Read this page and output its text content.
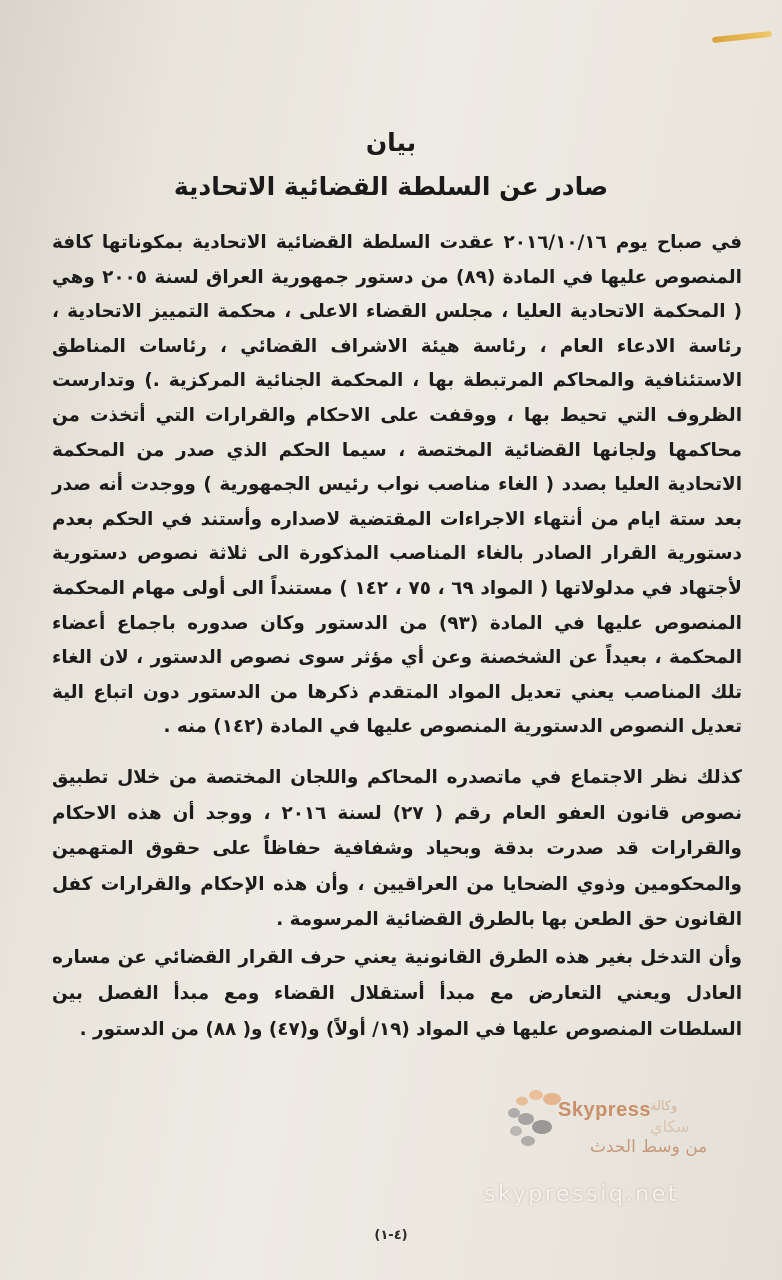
بيان
صادر عن السلطة القضائية الاتحادية

في صباح يوم ٢٠١٦/١٠/١٦ عقدت السلطة القضائية الاتحادية بمكوناتها كافة المنصوص عليها في المادة (٨٩) من دستور جمهورية العراق لسنة ٢٠٠٥ وهي ( المحكمة الاتحادية العليا ، مجلس القضاء الاعلى ، محكمة التمييز الاتحادية ، رئاسة الادعاء العام ، رئاسة هيئة الاشراف القضائي ، رئاسات المناطق الاستئنافية والمحاكم المرتبطة بها ، المحكمة الجنائية المركزية .) وتدارست الظروف التي تحيط بها ، ووقفت على الاحكام والقرارات التي أتخذت من محاكمها ولجانها القضائية المختصة ، سيما الحكم الذي صدر من المحكمة الاتحادية العليا بصدد ( الغاء مناصب نواب رئيس الجمهورية ) ووجدت أنه صدر بعد ستة ايام من أنتهاء الاجراءات المقتضية لاصداره وأستند في الحكم بعدم دستورية القرار الصادر بالغاء المناصب المذكورة الى ثلاثة نصوص دستورية لأجتهاد في مدلولاتها ( المواد ٦٩ ، ٧٥ ، ١٤٢ ) مستنداً الى أولى مهام المحكمة المنصوص عليها في المادة (٩٣) من الدستور وكان صدوره باجماع أعضاء المحكمة ، بعيداً عن الشخصنة وعن أي مؤثر سوى نصوص الدستور ، لان الغاء تلك المناصب يعني تعديل المواد المتقدم ذكرها من الدستور دون اتباع الية تعديل النصوص الدستورية المنصوص عليها في المادة (١٤٢) منه .

كذلك نظر الاجتماع في ماتصدره المحاكم واللجان المختصة من خلال تطبيق نصوص قانون العفو العام رقم ( ٢٧) لسنة ٢٠١٦ ، ووجد أن هذه الاحكام والقرارات قد صدرت بدقة وبحياد وشفافية حفاظاً على حقوق المتهمين والمحكومين وذوي الضحايا من العراقيين ، وأن هذه الإحكام والقرارات كفل القانون حق الطعن بها بالطرق القضائية المرسومة .

وأن التدخل بغير هذه الطرق القانونية يعني حرف القرار القضائي عن مساره العادل ويعني التعارض مع مبدأ أستقلال القضاء ومع مبدأ الفصل بين السلطات المنصوص عليها في المواد (١٩/ أولاً) و(٤٧) و( ٨٨) من الدستور .

Skypress وكالة
سكاي
من وسط الحدث
skypressiq.net
(٤-١)
